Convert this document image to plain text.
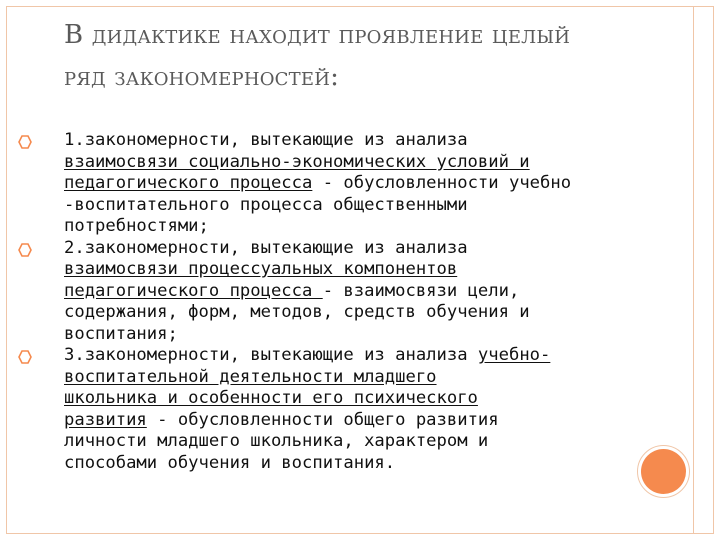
В дидактике находит проявление целый
ряд закономерностей:
1.закономерности, вытекающие из анализа
взаимосвязи социально-экономических условий и
педагогического процесса - обусловленности учебно
-воспитательного процесса общественными
потребностями;
2.закономерности, вытекающие из анализа
взаимосвязи процессуальных компонентов
педагогического процесса - взаимосвязи цели,
содержания, форм, методов, средств обучения и
воспитания;
3.закономерности, вытекающие из анализа учебно-
воспитательной деятельности младшего
школьника и особенности его психического
развития - обусловленности общего развития
личности младшего школьника, характером и
способами обучения и воспитания.
